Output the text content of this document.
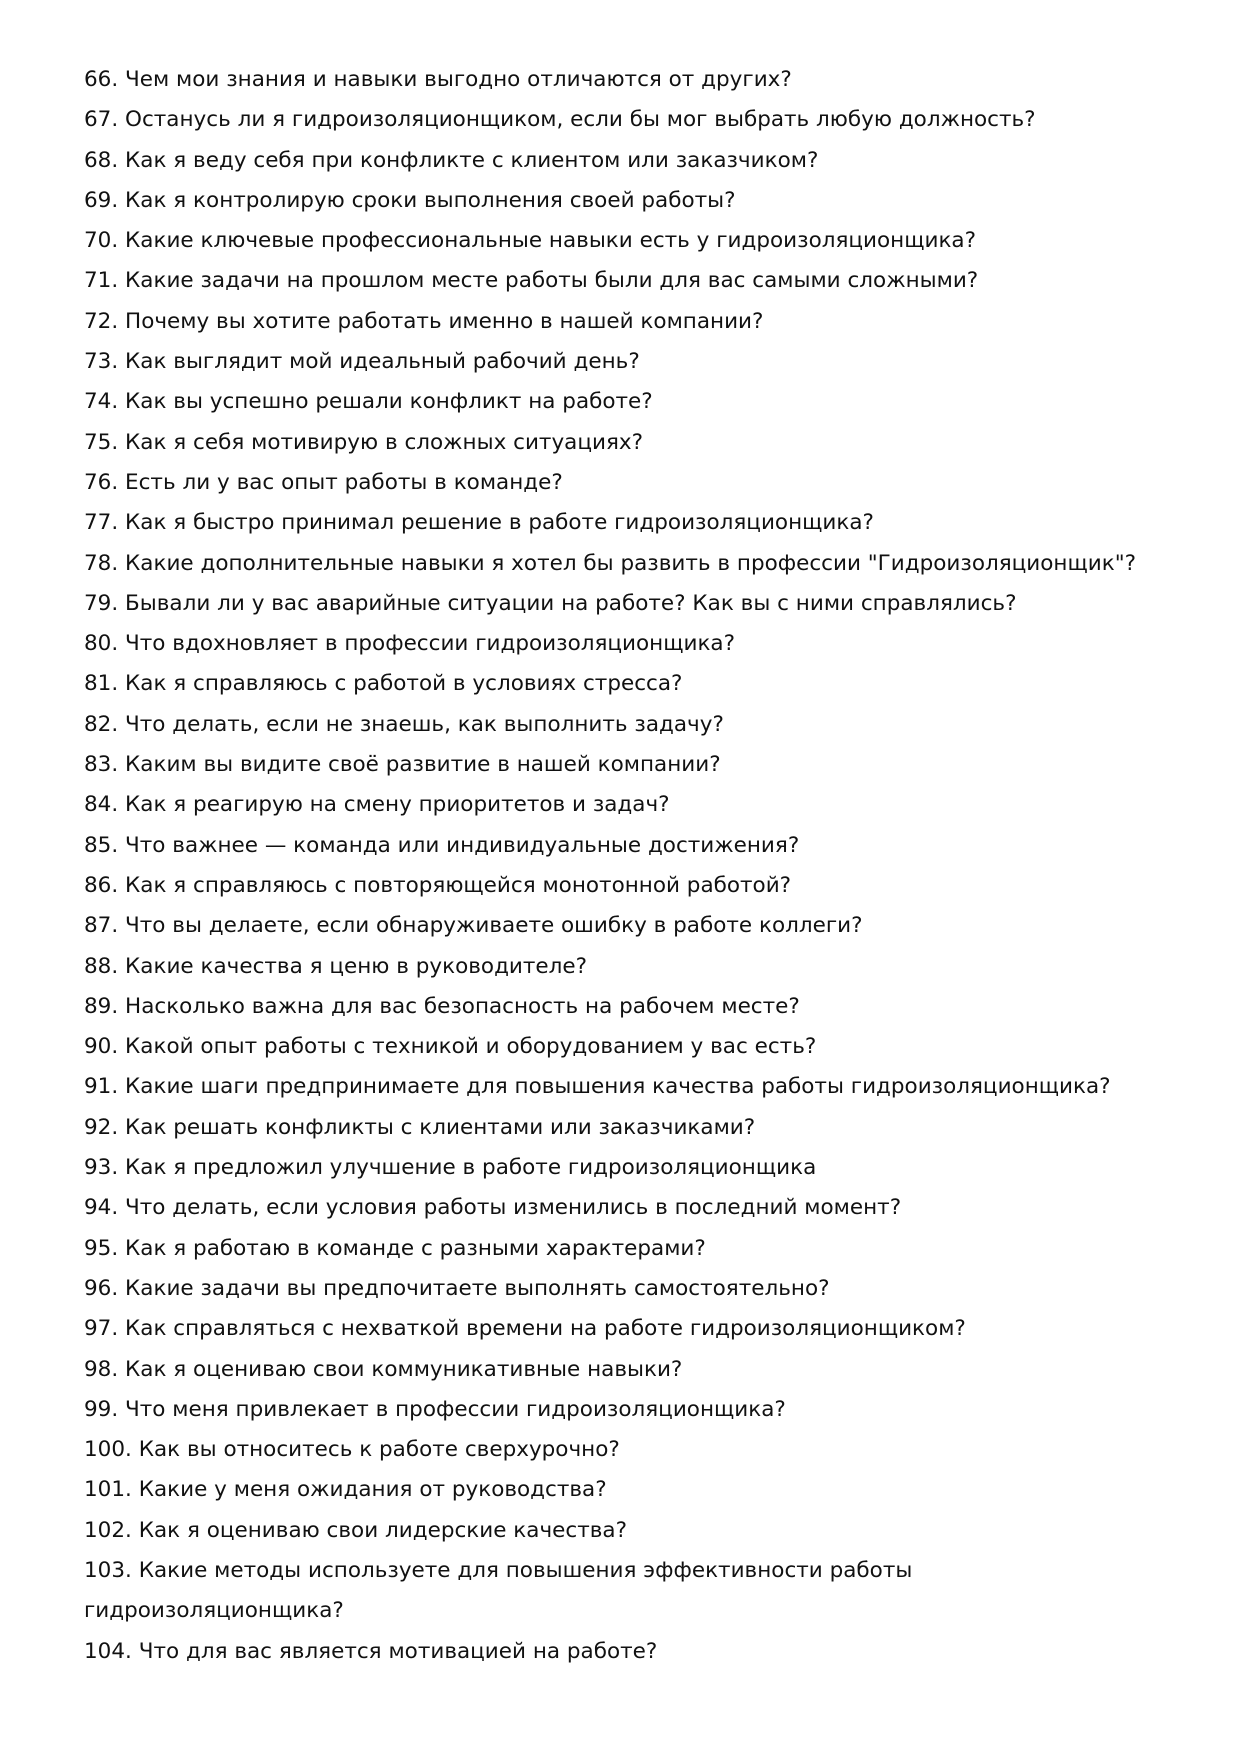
66. Чем мои знания и навыки выгодно отличаются от других?
67. Останусь ли я гидроизоляционщиком, если бы мог выбрать любую должность?
68. Как я веду себя при конфликте с клиентом или заказчиком?
69. Как я контролирую сроки выполнения своей работы?
70. Какие ключевые профессиональные навыки есть у гидроизоляционщика?
71. Какие задачи на прошлом месте работы были для вас самыми сложными?
72. Почему вы хотите работать именно в нашей компании?
73. Как выглядит мой идеальный рабочий день?
74. Как вы успешно решали конфликт на работе?
75. Как я себя мотивирую в сложных ситуациях?
76. Есть ли у вас опыт работы в команде?
77. Как я быстро принимал решение в работе гидроизоляционщика?
78. Какие дополнительные навыки я хотел бы развить в профессии "Гидроизоляционщик"?
79. Бывали ли у вас аварийные ситуации на работе? Как вы с ними справлялись?
80. Что вдохновляет в профессии гидроизоляционщика?
81. Как я справляюсь с работой в условиях стресса?
82. Что делать, если не знаешь, как выполнить задачу?
83. Каким вы видите своё развитие в нашей компании?
84. Как я реагирую на смену приоритетов и задач?
85. Что важнее — команда или индивидуальные достижения?
86. Как я справляюсь с повторяющейся монотонной работой?
87. Что вы делаете, если обнаруживаете ошибку в работе коллеги?
88. Какие качества я ценю в руководителе?
89. Насколько важна для вас безопасность на рабочем месте?
90. Какой опыт работы с техникой и оборудованием у вас есть?
91. Какие шаги предпринимаете для повышения качества работы гидроизоляционщика?
92. Как решать конфликты с клиентами или заказчиками?
93. Как я предложил улучшение в работе гидроизоляционщика
94. Что делать, если условия работы изменились в последний момент?
95. Как я работаю в команде с разными характерами?
96. Какие задачи вы предпочитаете выполнять самостоятельно?
97. Как справляться с нехваткой времени на работе гидроизоляционщиком?
98. Как я оцениваю свои коммуникативные навыки?
99. Что меня привлекает в профессии гидроизоляционщика?
100. Как вы относитесь к работе сверхурочно?
101. Какие у меня ожидания от руководства?
102. Как я оцениваю свои лидерские качества?
103. Какие методы используете для повышения эффективности работы гидроизоляционщика?
104. Что для вас является мотивацией на работе?
